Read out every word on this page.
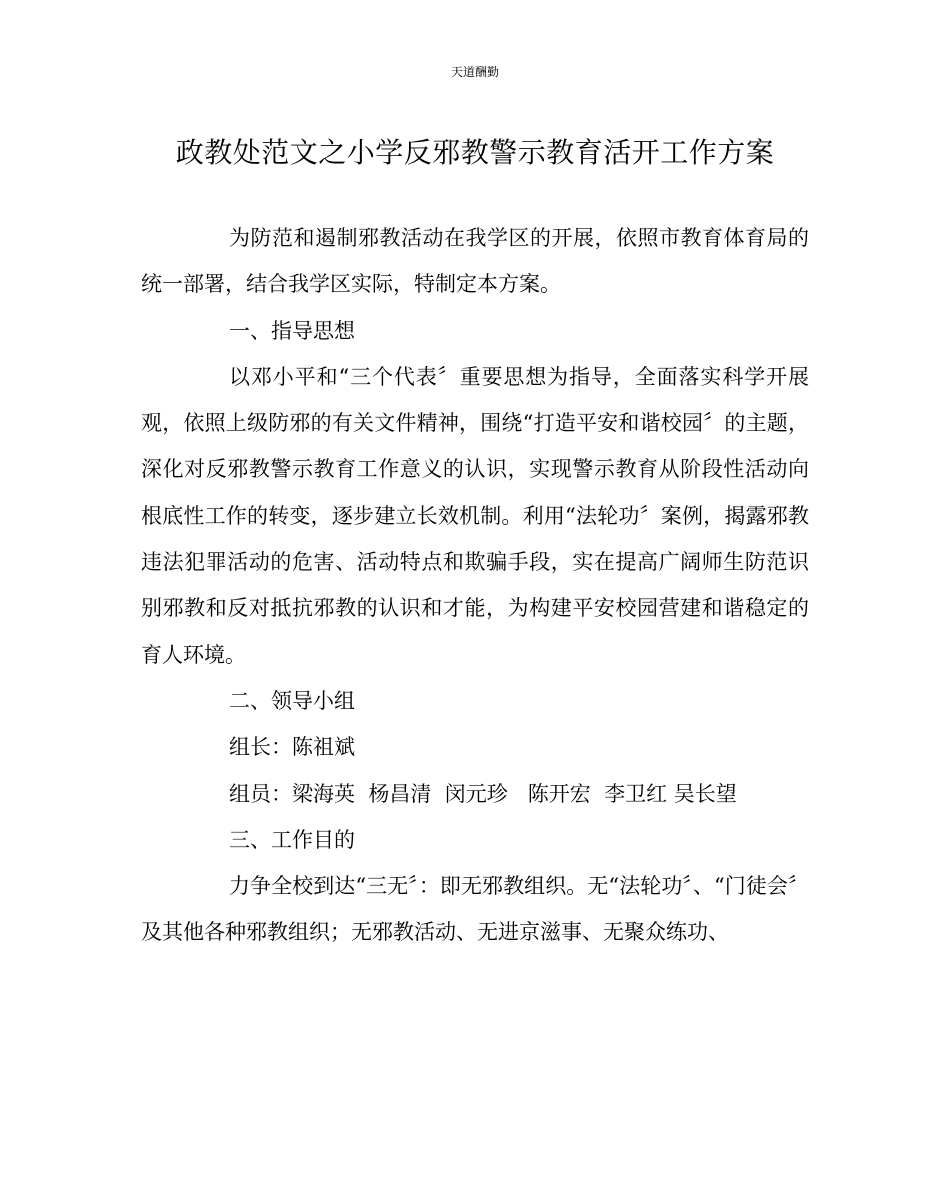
天道酬勤
政教处范文之小学反邪教警示教育活开工作方案

为防范和遏制邪教活动在我学区的开展，依照市教育体育局的统一部署，结合我学区实际，特制定本方案。

一、指导思想

以邓小平和“三个代表〞重要思想为指导，全面落实科学开展观，依照上级防邪的有关文件精神，围绕“打造平安和谐校园〞的主题，深化对反邪教警示教育工作意义的认识，实现警示教育从阶段性活动向根底性工作的转变，逐步建立长效机制。利用“法轮功〞案例，揭露邪教违法犯罪活动的危害、活动特点和欺骗手段，实在提高广阔师生防范识别邪教和反对抵抗邪教的认识和才能，为构建平安校园营建和谐稳定的育人环境。

二、领导小组

组长：陈祖斌

组员：梁海英  杨昌清  闵元珍   陈开宏  李卫红 吴长望

三、工作目的

力争全校到达“三无〞：即无邪教组织。无“法轮功〞、“门徒会〞及其他各种邪教组织；无邪教活动、无进京滋事、无聚众练功、
